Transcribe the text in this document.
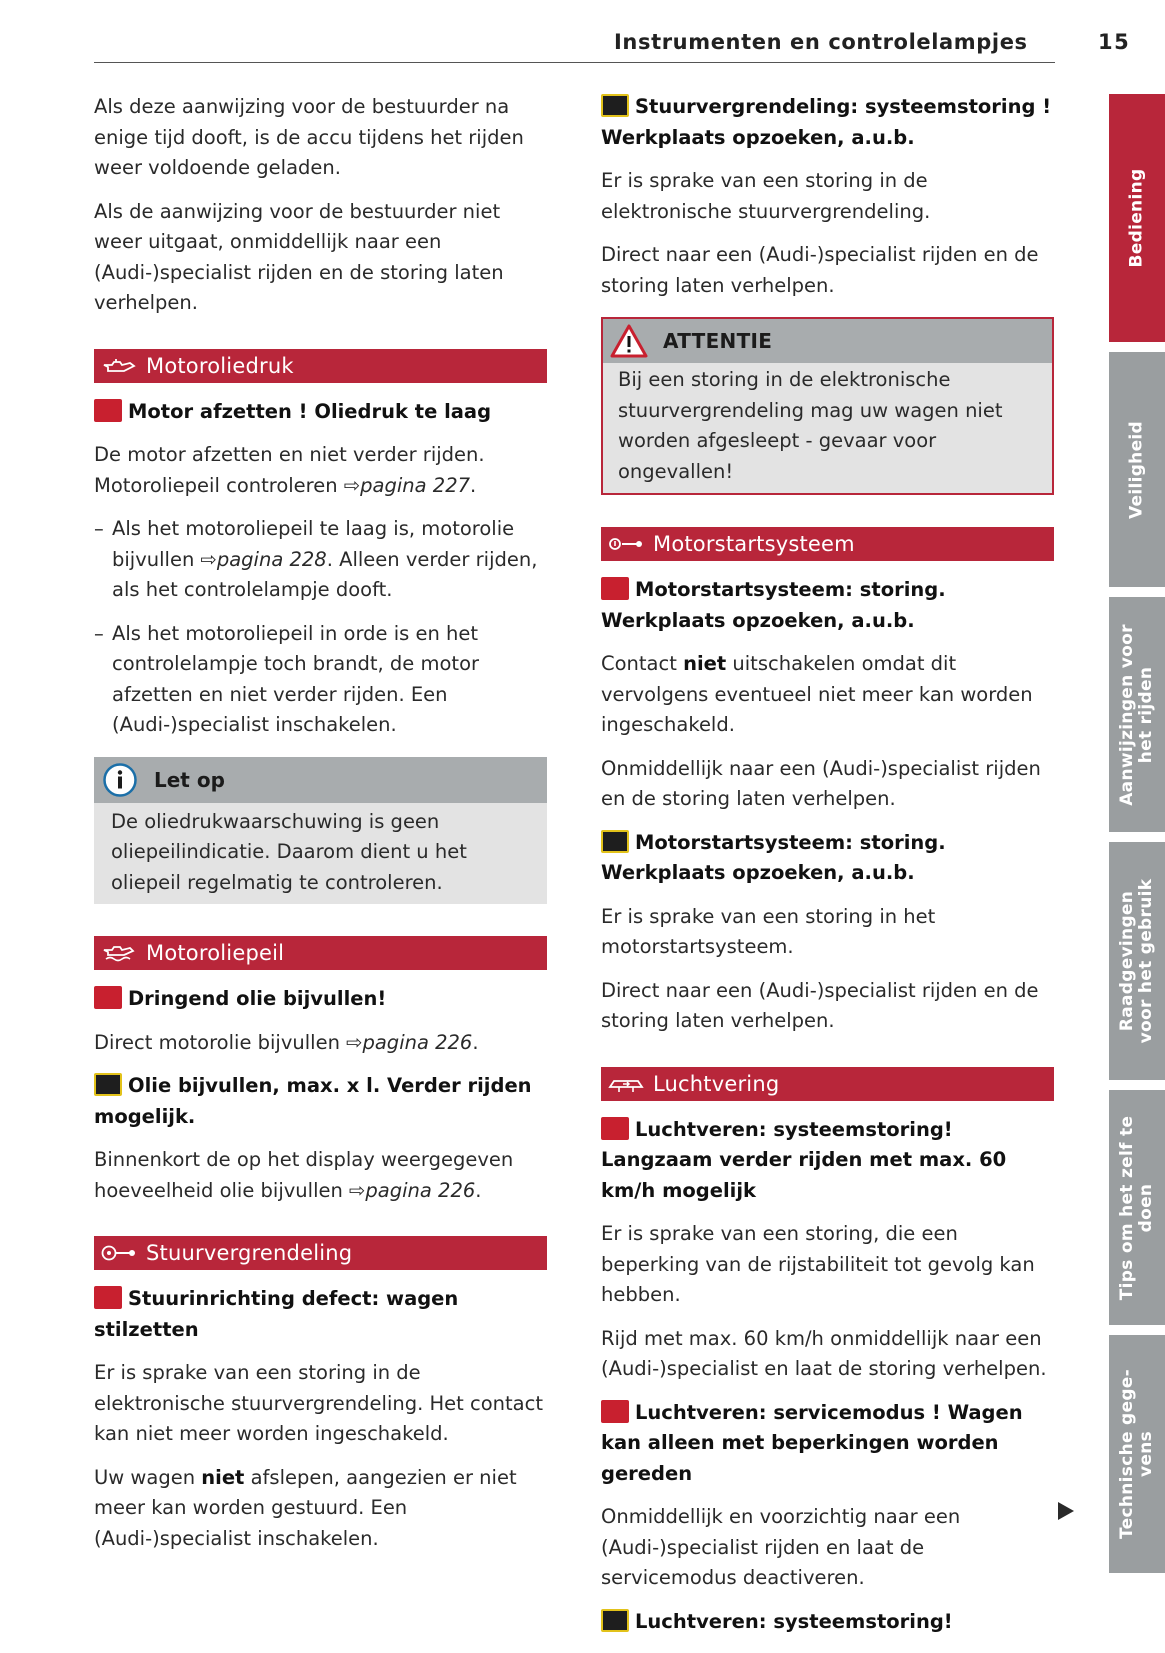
Instrumenten en controlelampjes	15

Als deze aanwijzing voor de bestuurder na enige tijd dooft, is de accu tijdens het rijden weer voldoende geladen.

Als de aanwijzing voor de bestuurder niet weer uitgaat, onmiddellijk naar een (Audi-)specialist rijden en de storing laten verhelpen.

Motoroliedruk
Motor afzetten ! Oliedruk te laag

De motor afzetten en niet verder rijden. Motoroliepeil controleren ⇨pagina 227.

– Als het motoroliepeil te laag is, motorolie bijvullen ⇨pagina 228. Alleen verder rijden, als het controlelampje dooft.

– Als het motoroliepeil in orde is en het controlelampje toch brandt, de motor afzetten en niet verder rijden. Een (Audi-)specialist inschakelen.

Let op

De oliedrukwaarschuwing is geen oliepeilindicatie. Daarom dient u het oliepeil regelmatig te controleren.

Motoroliepeil
Dringend olie bijvullen!

Direct motorolie bijvullen ⇨pagina 226.

Olie bijvullen, max. x l. Verder rijden mogelijk.

Binnenkort de op het display weergegeven hoeveelheid olie bijvullen ⇨pagina 226.

Stuurvergrendeling
Stuurinrichting defect: wagen stilzetten

Er is sprake van een storing in de elektronische stuurvergrendeling. Het contact kan niet meer worden ingeschakeld.

Uw wagen niet afslepen, aangezien er niet meer kan worden gestuurd. Een (Audi-)specialist inschakelen.

Stuurvergrendeling: systeemstoring ! Werkplaats opzoeken, a.u.b.

Er is sprake van een storing in de elektronische stuurvergrendeling.

Direct naar een (Audi-)specialist rijden en de storing laten verhelpen.

ATTENTIE

Bij een storing in de elektronische stuurvergrendeling mag uw wagen niet worden afgesleept - gevaar voor ongevallen!

Motorstartsysteem
Motorstartsysteem: storing. Werkplaats opzoeken, a.u.b.

Contact niet uitschakelen omdat dit vervolgens eventueel niet meer kan worden ingeschakeld.

Onmiddellijk naar een (Audi-)specialist rijden en de storing laten verhelpen.

Motorstartsysteem: storing. Werkplaats opzoeken, a.u.b.

Er is sprake van een storing in het motorstartsysteem.

Direct naar een (Audi-)specialist rijden en de storing laten verhelpen.

Luchtvering
Luchtveren: systeemstoring! Langzaam verder rijden met max. 60 km/h mogelijk

Er is sprake van een storing, die een beperking van de rijstabiliteit tot gevolg kan hebben.

Rijd met max. 60 km/h onmiddellijk naar een (Audi-)specialist en laat de storing verhelpen.

Luchtveren: servicemodus ! Wagen kan alleen met beperkingen worden gereden

Onmiddellijk en voorzichtig naar een (Audi-)specialist rijden en laat de servicemodus deactiveren.

Luchtveren: systeemstoring!
Bediening
Veiligheid
Aanwijzingen voor
het rijden
Raadgevingen
voor het gebruik
Tips om het zelf te
doen
Technische gege-
vens
